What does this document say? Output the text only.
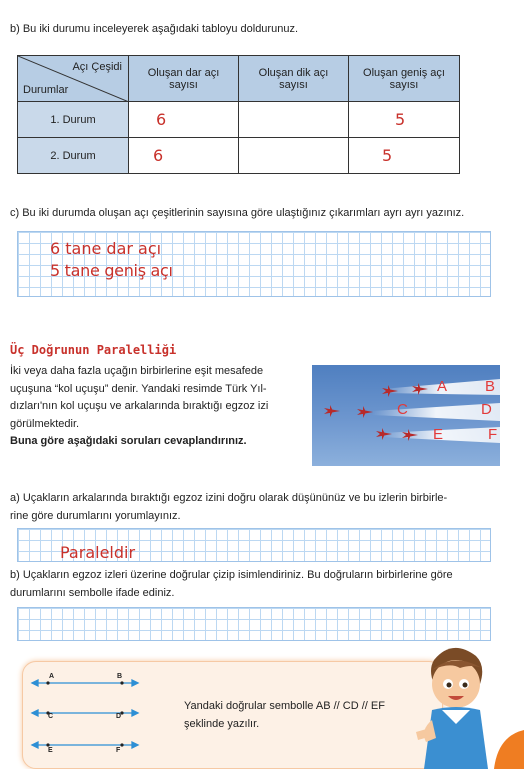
b) Bu iki durumu inceleyerek aşağıdaki tabloyu doldurunuz.
Açı Çeşidi
Durumlar	Oluşan dar açı sayısı	Oluşan dik açı sayısı	Oluşan geniş açı sayısı
1. Durum	6		5
2. Durum	6		5
c) Bu iki durumda oluşan açı çeşitlerinin sayısına göre ulaştığınız çıkarımları ayrı ayrı yazınız.
6 tane dar açı
5 tane geniş açı
Üç Doğrunun Paralelliği
İki veya daha fazla uçağın birbirlerine eşit mesafede
uçuşuna “kol uçuşu” denir. Yandaki resimde Türk Yıl-
dızları'nın kol uçuşu ve arkalarında bıraktığı egzoz izi
görülmektedir.
Buna göre aşağıdaki soruları cevaplandırınız.
A	B
C	D
E	F
a) Uçakların arkalarında bıraktığı egzoz izini doğru olarak düşününüz ve bu izlerin birbirle-
rine göre durumlarını yorumlayınız.
Paraleldir
b) Uçakların egzoz izleri üzerine doğrular çizip isimlendiriniz. Bu doğruların birbirlerine göre
durumlarını sembolle ifade ediniz.
A	B
C	D
E	F
Yandaki doğrular sembolle AB // CD // EF
şeklinde yazılır.
